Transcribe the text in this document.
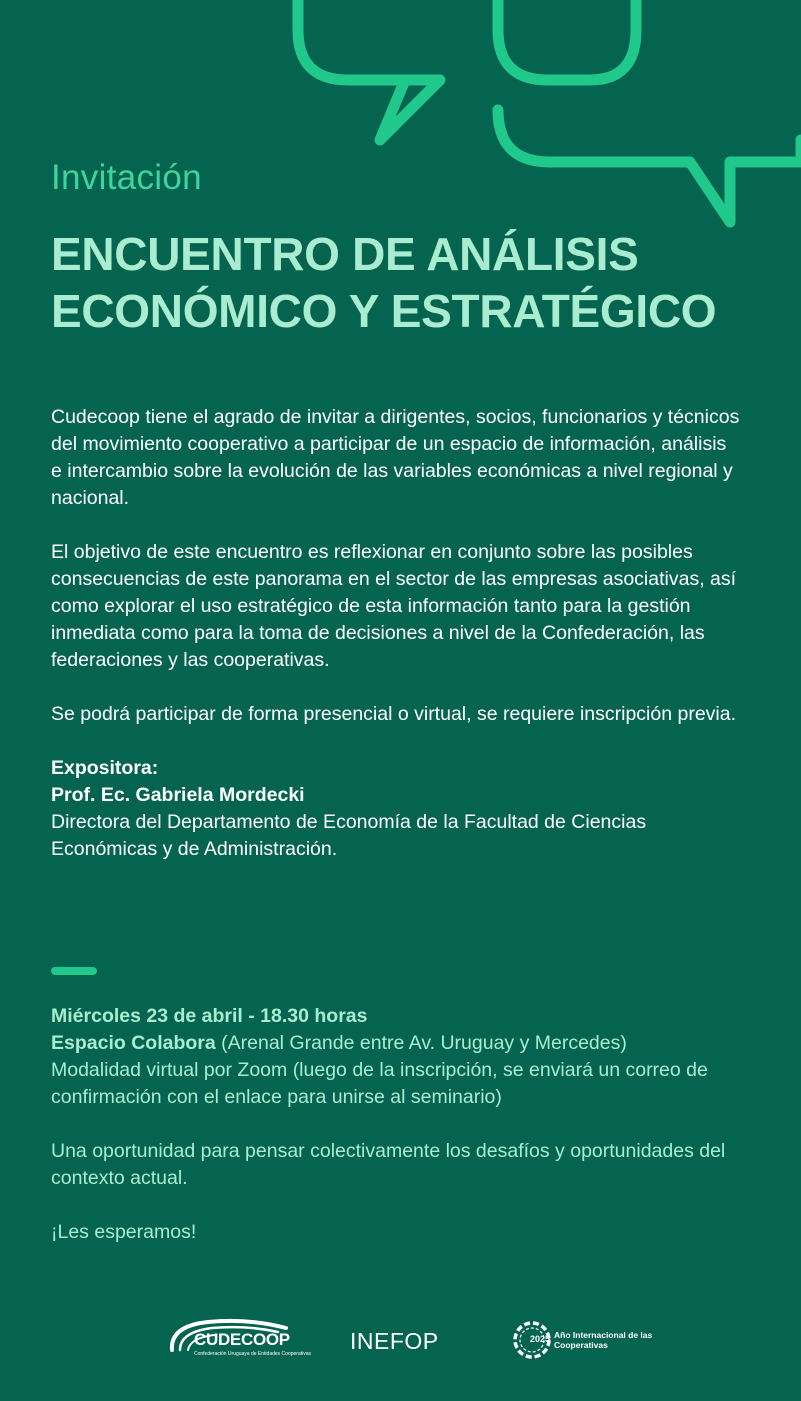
Invitación
ENCUENTRO DE ANÁLISIS
ECONÓMICO Y ESTRATÉGICO

Cudecoop tiene el agrado de invitar a dirigentes, socios, funcionarios y técnicos del movimiento cooperativo a participar de un espacio de información, análisis e intercambio sobre la evolución de las variables económicas a nivel regional y nacional.

El objetivo de este encuentro es reflexionar en conjunto sobre las posibles consecuencias de este panorama en el sector de las empresas asociativas, así como explorar el uso estratégico de esta información tanto para la gestión inmediata como para la toma de decisiones a nivel de la Confederación, las federaciones y las cooperativas.

Se podrá participar de forma presencial o virtual, se requiere inscripción previa.

Expositora:
Prof. Ec. Gabriela Mordecki
Directora del Departamento de Economía de la Facultad de Ciencias Económicas y de Administración.

Miércoles 23 de abril - 18.30 horas
Espacio Colabora (Arenal Grande entre Av. Uruguay y Mercedes)
Modalidad virtual por Zoom (luego de la inscripción, se enviará un correo de confirmación con el enlace para unirse al seminario)

Una oportunidad para pensar colectivamente los desafíos y oportunidades del contexto actual.

¡Les esperamos!

CUDECOOP
Confederación Uruguaya de Entidades Cooperativas INEFOP	2025 Año Internacional de las Cooperativas
